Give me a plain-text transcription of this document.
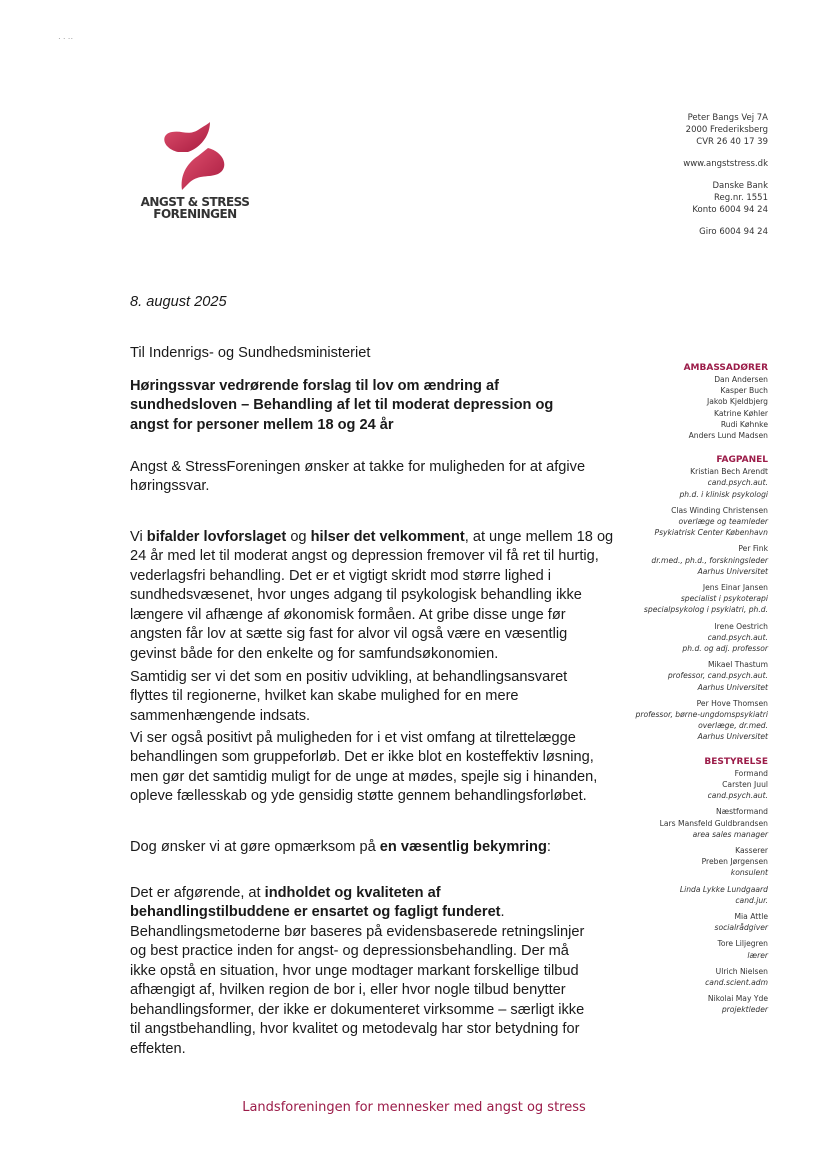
· · ··
ANGST & STRESS
FORENINGEN
Peter Bangs Vej 7A
2000 Frederiksberg
CVR 26 40 17 39
www.angststress.dk
Danske Bank
Reg.nr. 1551
Konto 6004 94 24
Giro 6004 94 24

8. august 2025

Til Indenrigs- og Sundhedsministeriet

Høringssvar vedrørende forslag til lov om ændring af sundhedsloven – Behandling af let til moderat depression og angst for personer mellem 18 og 24 år

Angst & StressForeningen ønsker at takke for muligheden for at afgive høringssvar.

Vi bifalder lovforslaget og hilser det velkomment, at unge mellem 18 og 24 år med let til moderat angst og depression fremover vil få ret til hurtig, vederlagsfri behandling. Det er et vigtigt skridt mod større lighed i sundhedsvæsenet, hvor unges adgang til psykologisk behandling ikke længere vil afhænge af økonomisk formåen. At gribe disse unge før angsten får lov at sætte sig fast for alvor vil også være en væsentlig gevinst både for den enkelte og for samfundsøkonomien.

Samtidig ser vi det som en positiv udvikling, at behandlingsansvaret flyttes til regionerne, hvilket kan skabe mulighed for en mere sammenhængende indsats.

Vi ser også positivt på muligheden for i et vist omfang at tilrettelægge behandlingen som gruppeforløb. Det er ikke blot en kosteffektiv løsning, men gør det samtidig muligt for de unge at mødes, spejle sig i hinanden, opleve fællesskab og yde gensidig støtte gennem behandlingsforløbet.

Dog ønsker vi at gøre opmærksom på en væsentlig bekymring:

Det er afgørende, at indholdet og kvaliteten af behandlingstilbuddene er ensartet og fagligt funderet. Behandlingsmetoderne bør baseres på evidensbaserede retningslinjer og best practice inden for angst- og depressionsbehandling. Der må ikke opstå en situation, hvor unge modtager markant forskellige tilbud afhængigt af, hvilken region de bor i, eller hvor nogle tilbud benytter behandlingsformer, der ikke er dokumenteret virksomme – særligt ikke til angstbehandling, hvor kvalitet og metodevalg har stor betydning for effekten.

AMBASSADØRER
Dan Andersen
Kasper Buch
Jakob Kjeldbjerg
Katrine Køhler
Rudi Køhnke
Anders Lund Madsen
FAGPANEL
Kristian Bech Arendt
cand.psych.aut.
ph.d. i klinisk psykologi
Clas Winding Christensen
overlæge og teamleder
Psykiatrisk Center København
Per Fink
dr.med., ph.d., forskningsleder
Aarhus Universitet
Jens Einar Jansen
specialist i psykoterapi
specialpsykolog i psykiatri, ph.d.
Irene Oestrich
cand.psych.aut.
ph.d. og adj. professor
Mikael Thastum
professor, cand.psych.aut.
Aarhus Universitet
Per Hove Thomsen
professor, børne-ungdomspsykiatri
overlæge, dr.med.
Aarhus Universitet
BESTYRELSE
Formand
Carsten Juul
cand.psych.aut.
Næstformand
Lars Mansfeld Guldbrandsen
area sales manager
Kasserer
Preben Jørgensen
konsulent
Linda Lykke Lundgaard
cand.jur.
Mia Attle
socialrådgiver
Tore Liljegren
lærer
Ulrich Nielsen
cand.scient.adm
Nikolai May Yde
projektleder
Landsforeningen for mennesker med angst og stress
